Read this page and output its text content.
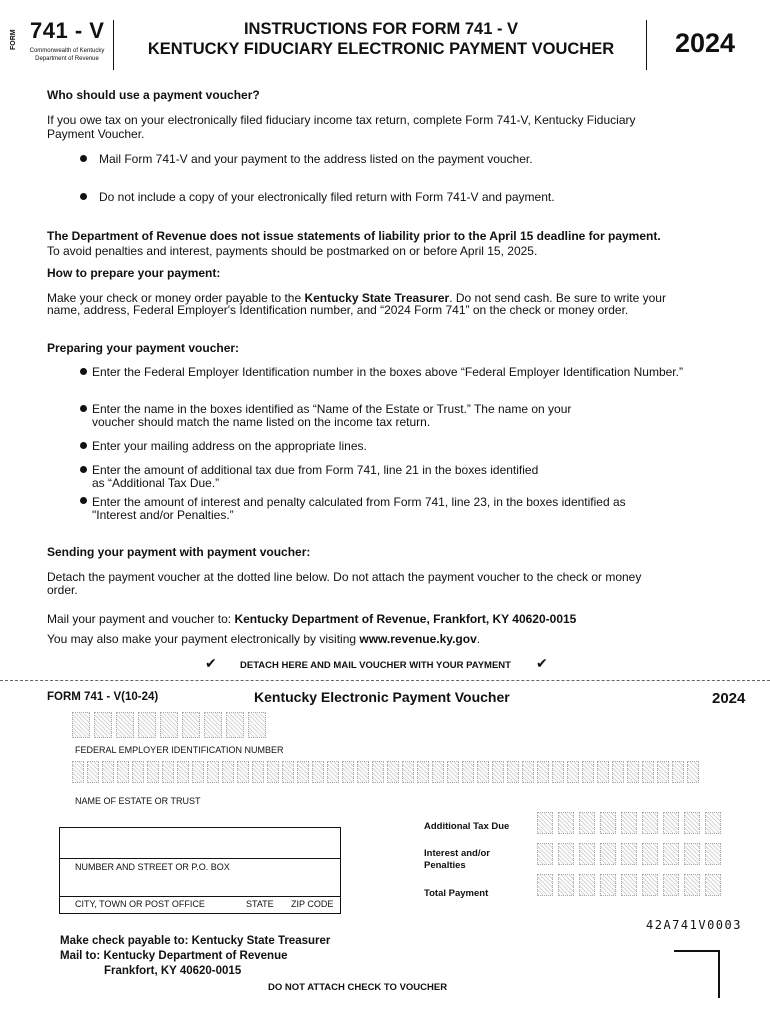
FORM 741 - V
Commonwealth of Kentucky
Department of Revenue
INSTRUCTIONS FOR FORM 741 - V
KENTUCKY FIDUCIARY ELECTRONIC PAYMENT VOUCHER	2024
Who should use a payment voucher?
If you owe tax on your electronically filed fiduciary income tax return, complete Form 741-V, Kentucky Fiduciary
Payment Voucher.
Mail Form 741-V and your payment to the address listed on the payment voucher.
Do not include a copy of your electronically filed return with Form 741-V and payment.
The Department of Revenue does not issue statements of liability prior to the April 15 deadline for payment.
To avoid penalties and interest, payments should be postmarked on or before April 15, 2025.
How to prepare your payment:
Make your check or money order payable to the Kentucky State Treasurer. Do not send cash. Be sure to write your
name, address, Federal Employer's Identification number, and “2024 Form 741” on the check or money order.
Preparing your payment voucher:
Enter the Federal Employer Identification number in the boxes above “Federal Employer Identification Number.”
Enter the name in the boxes identified as “Name of the Estate or Trust.” The name on your
voucher should match the name listed on the income tax return.
Enter your mailing address on the appropriate lines.
Enter the amount of additional tax due from Form 741, line 21 in the boxes identified
as “Additional Tax Due.”
Enter the amount of interest and penalty calculated from Form 741, line 23, in the boxes identified as
"Interest and/or Penalties.”
Sending your payment with payment voucher:
Detach the payment voucher at the dotted line below. Do not attach the payment voucher to the check or money
order.
Mail your payment and voucher to: Kentucky Department of Revenue, Frankfort, KY 40620-0015
You may also make your payment electronically by visiting www.revenue.ky.gov.
✔ DETACH HERE AND MAIL VOUCHER WITH YOUR PAYMENT ✔
FORM 741 - V(10-24)	Kentucky Electronic Payment Voucher	2024
FEDERAL EMPLOYER IDENTIFICATION NUMBER
NAME OF ESTATE OR TRUST
NUMBER AND STREET OR P.O. BOX
CITY, TOWN OR POST OFFICE	STATE ZIP CODE
Additional Tax Due
Interest and/or
Penalties
Total Payment
42A741V0003
Make check payable to: Kentucky State Treasurer
Mail to: Kentucky Department of Revenue
Frankfort, KY 40620-0015
DO NOT ATTACH CHECK TO VOUCHER
